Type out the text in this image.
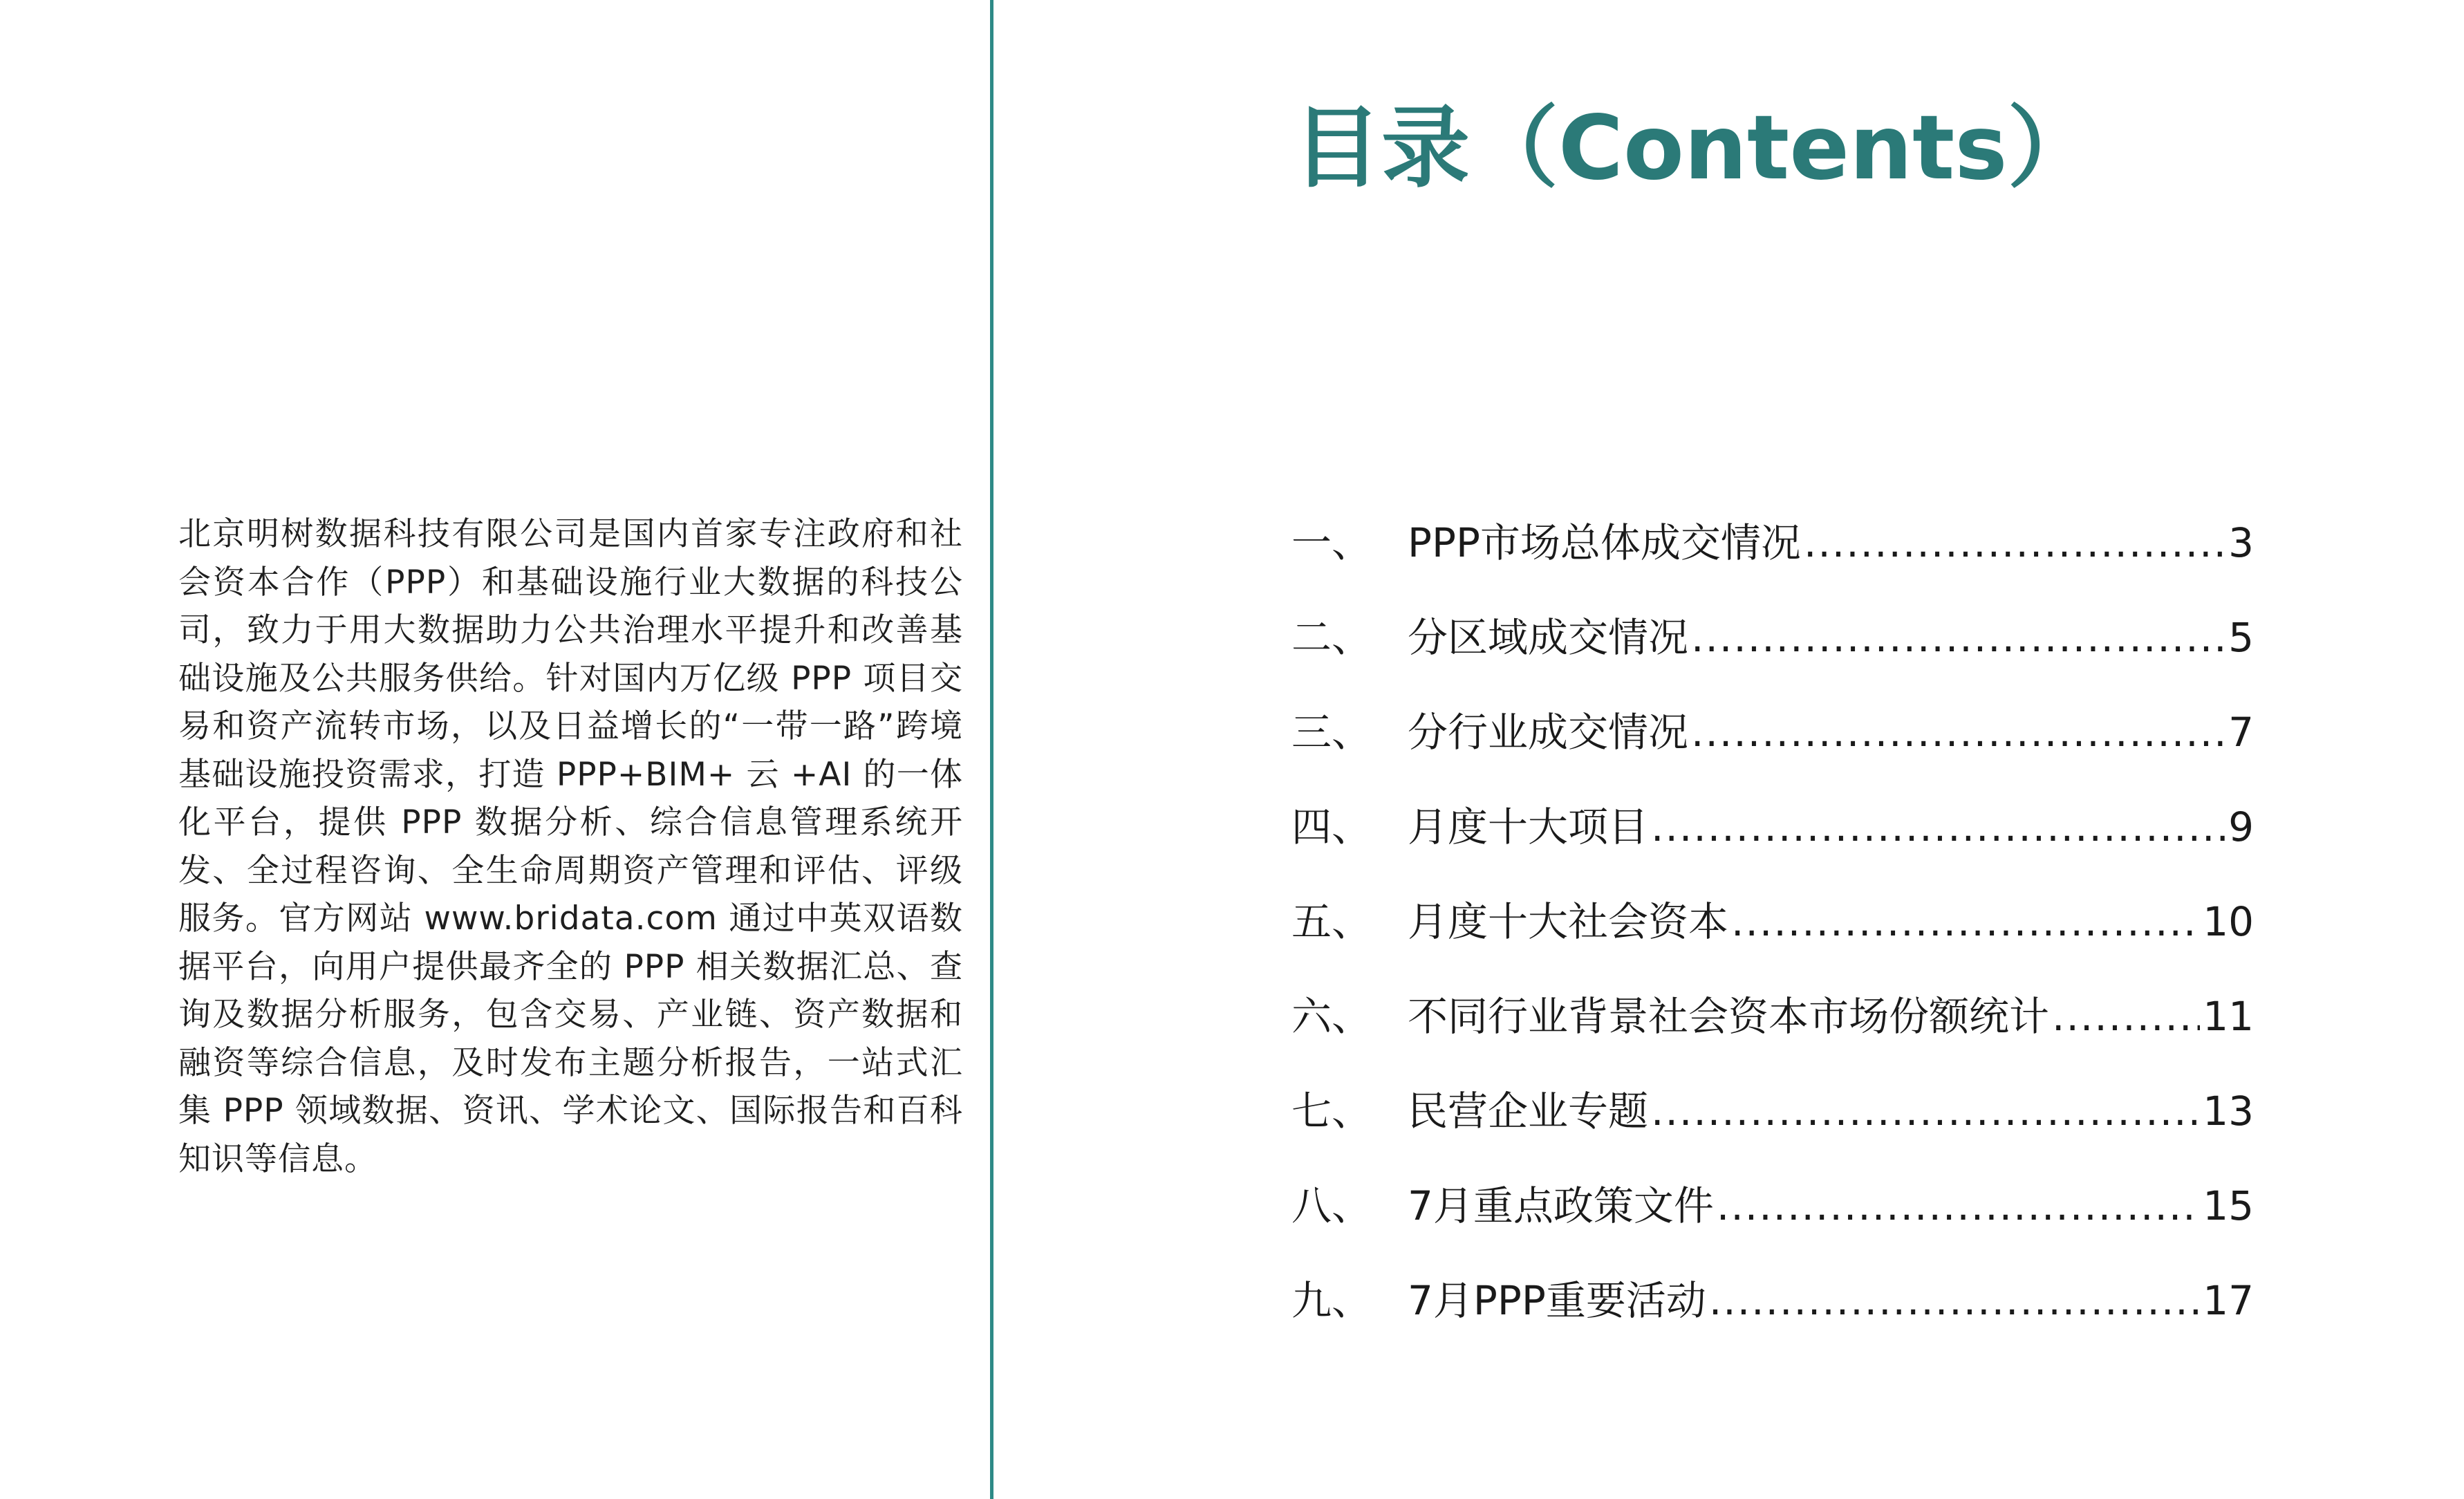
北京明树数据科技有限公司是国内首家专注政府和社会资本合作（PPP）和基础设施行业大数据的科技公司，致力于用大数据助力公共治理水平提升和改善基础设施及公共服务供给。针对国内万亿级 PPP 项目交易和资产流转市场，以及日益增长的“一带一路”跨境基础设施投资需求，打造 PPP+BIM+ 云 +AI 的一体化平台，提供 PPP 数据分析、综合信息管理系统开发、全过程咨询、全生命周期资产管理和评估、评级服务。官方网站 www.bridata.com 通过中英双语数据平台，向用户提供最齐全的 PPP 相关数据汇总、查询及数据分析服务，包含交易、产业链、资产数据和融资等综合信息，及时发布主题分析报告，一站式汇集 PPP 领域数据、资讯、学术论文、国际报告和百科知识等信息。

目录（Contents）
一、 PPP市场总体成交情况 .....	3
二、 分区域成交情况 .....	5
三、 分行业成交情况 .....	7
四、 月度十大项目 .....	9
五、 月度十大社会资本 .....	10
六、 不同行业背景社会资本市场份额统计 .....	11
七、 民营企业专题 .....	13
八、 7月重点政策文件 .....	15
九、 7月PPP重要活动 .....	17
